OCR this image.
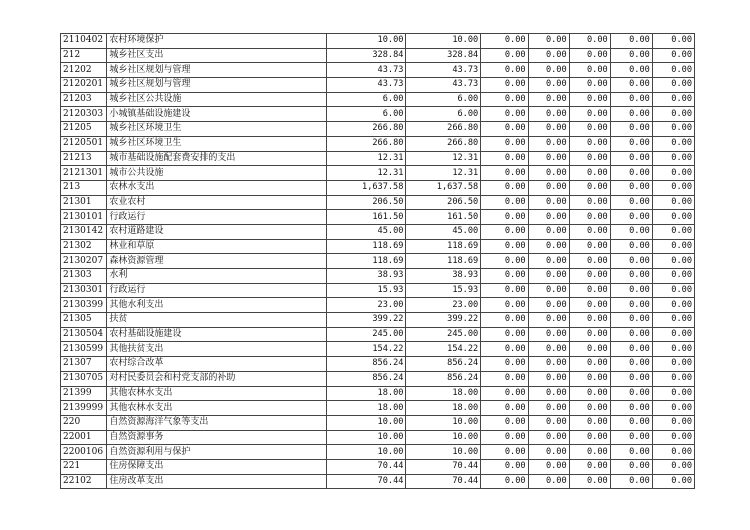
2110402	农村环境保护	10.00	10.00	0.00	0.00	0.00	0.00	0.00
212	城乡社区支出	328.84	328.84	0.00	0.00	0.00	0.00	0.00
21202	城乡社区规划与管理	43.73	43.73	0.00	0.00	0.00	0.00	0.00
2120201	城乡社区规划与管理	43.73	43.73	0.00	0.00	0.00	0.00	0.00
21203	城乡社区公共设施	6.00	6.00	0.00	0.00	0.00	0.00	0.00
2120303	小城镇基础设施建设	6.00	6.00	0.00	0.00	0.00	0.00	0.00
21205	城乡社区环境卫生	266.80	266.80	0.00	0.00	0.00	0.00	0.00
2120501	城乡社区环境卫生	266.80	266.80	0.00	0.00	0.00	0.00	0.00
21213	城市基础设施配套费安排的支出	12.31	12.31	0.00	0.00	0.00	0.00	0.00
2121301	城市公共设施	12.31	12.31	0.00	0.00	0.00	0.00	0.00
213	农林水支出	1,637.58	1,637.58	0.00	0.00	0.00	0.00	0.00
21301	农业农村	206.50	206.50	0.00	0.00	0.00	0.00	0.00
2130101	行政运行	161.50	161.50	0.00	0.00	0.00	0.00	0.00
2130142	农村道路建设	45.00	45.00	0.00	0.00	0.00	0.00	0.00
21302	林业和草原	118.69	118.69	0.00	0.00	0.00	0.00	0.00
2130207	森林资源管理	118.69	118.69	0.00	0.00	0.00	0.00	0.00
21303	水利	38.93	38.93	0.00	0.00	0.00	0.00	0.00
2130301	行政运行	15.93	15.93	0.00	0.00	0.00	0.00	0.00
2130399	其他水利支出	23.00	23.00	0.00	0.00	0.00	0.00	0.00
21305	扶贫	399.22	399.22	0.00	0.00	0.00	0.00	0.00
2130504	农村基础设施建设	245.00	245.00	0.00	0.00	0.00	0.00	0.00
2130599	其他扶贫支出	154.22	154.22	0.00	0.00	0.00	0.00	0.00
21307	农村综合改革	856.24	856.24	0.00	0.00	0.00	0.00	0.00
2130705	对村民委员会和村党支部的补助	856.24	856.24	0.00	0.00	0.00	0.00	0.00
21399	其他农林水支出	18.00	18.00	0.00	0.00	0.00	0.00	0.00
2139999	其他农林水支出	18.00	18.00	0.00	0.00	0.00	0.00	0.00
220	自然资源海洋气象等支出	10.00	10.00	0.00	0.00	0.00	0.00	0.00
22001	自然资源事务	10.00	10.00	0.00	0.00	0.00	0.00	0.00
2200106	自然资源利用与保护	10.00	10.00	0.00	0.00	0.00	0.00	0.00
221	住房保障支出	70.44	70.44	0.00	0.00	0.00	0.00	0.00
22102	住房改革支出	70.44	70.44	0.00	0.00	0.00	0.00	0.00
